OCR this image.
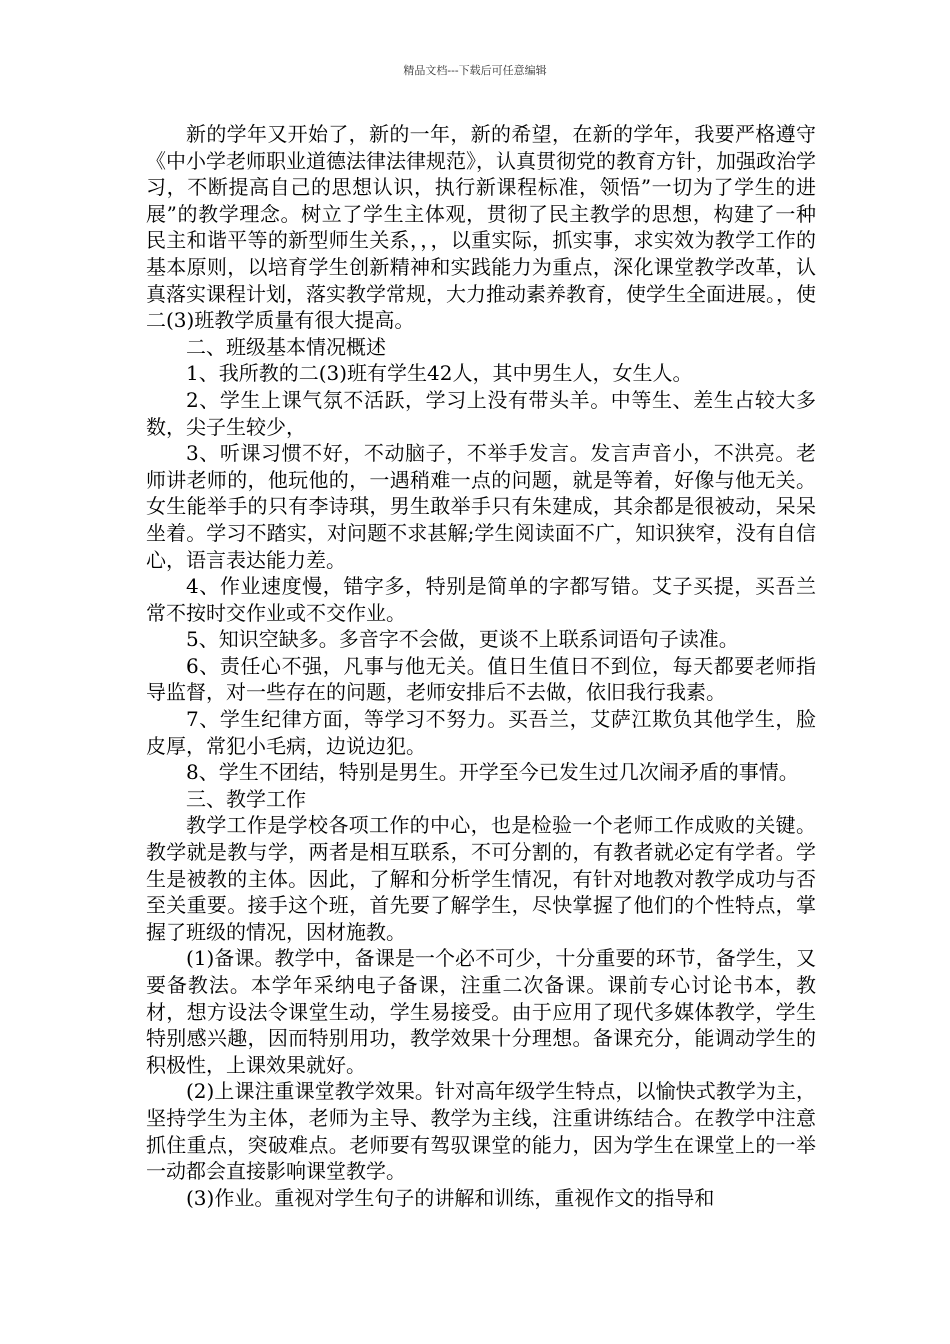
精品文档---下载后可任意编辑

新的学年又开始了，新的一年，新的希望，在新的学年，我要严格遵守《中小学老师职业道德法律法律规范》，认真贯彻党的教育方针，加强政治学习，不断提高自己的思想认识，执行新课程标准，领悟”一切为了学生的进展”的教学理念。树立了学生主体观，贯彻了民主教学的思想，构建了一种民主和谐平等的新型师生关系，，，以重实际，抓实事，求实效为教学工作的基本原则，以培育学生创新精神和实践能力为重点，深化课堂教学改革，认真落实课程计划，落实教学常规，大力推动素养教育，使学生全面进展。，使二(3)班教学质量有很大提高。

二、班级基本情况概述

1、我所教的二(3)班有学生42人，其中男生人，女生人。

2、学生上课气氛不活跃，学习上没有带头羊。中等生、差生占较大多数，尖子生较少，

3、听课习惯不好，不动脑子，不举手发言。发言声音小，不洪亮。老师讲老师的，他玩他的，一遇稍难一点的问题，就是等着，好像与他无关。女生能举手的只有李诗琪，男生敢举手只有朱建成，其余都是很被动，呆呆坐着。学习不踏实，对问题不求甚解;学生阅读面不广，知识狭窄，没有自信心，语言表达能力差。

4、作业速度慢，错字多，特别是简单的字都写错。艾子买提，买吾兰常不按时交作业或不交作业。

5、知识空缺多。多音字不会做，更谈不上联系词语句子读准。

6、责任心不强，凡事与他无关。值日生值日不到位，每天都要老师指导监督，对一些存在的问题，老师安排后不去做，依旧我行我素。

7、学生纪律方面，等学习不努力。买吾兰，艾萨江欺负其他学生，脸皮厚，常犯小毛病，边说边犯。

8、学生不团结，特别是男生。开学至今已发生过几次闹矛盾的事情。

三、教学工作

教学工作是学校各项工作的中心，也是检验一个老师工作成败的关键。教学就是教与学，两者是相互联系，不可分割的，有教者就必定有学者。学生是被教的主体。因此，了解和分析学生情况，有针对地教对教学成功与否至关重要。接手这个班，首先要了解学生，尽快掌握了他们的个性特点，掌握了班级的情况，因材施教。

(1)备课。教学中，备课是一个必不可少，十分重要的环节，备学生，又要备教法。本学年采纳电子备课，注重二次备课。课前专心讨论书本，教材，想方设法令课堂生动，学生易接受。由于应用了现代多媒体教学，学生特别感兴趣，因而特别用功，教学效果十分理想。备课充分，能调动学生的积极性，上课效果就好。

(2)上课注重课堂教学效果。针对高年级学生特点，以愉快式教学为主，坚持学生为主体，老师为主导、教学为主线，注重讲练结合。在教学中注意抓住重点，突破难点。老师要有驾驭课堂的能力，因为学生在课堂上的一举一动都会直接影响课堂教学。

(3)作业。重视对学生句子的讲解和训练，重视作文的指导和
